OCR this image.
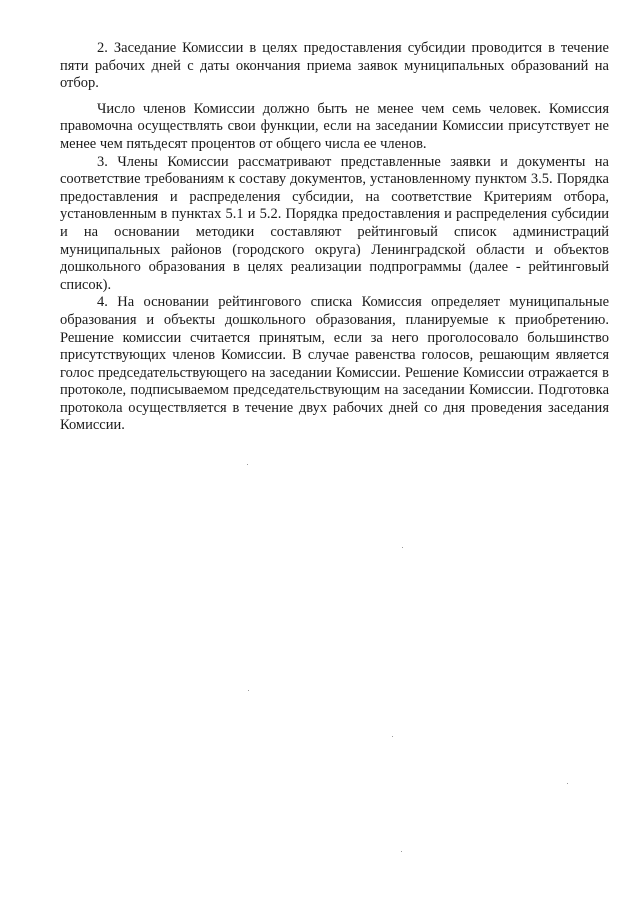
2. Заседание Комиссии в целях предоставления субсидии проводится в течение пяти рабочих дней с даты окончания приема заявок муниципальных образований на отбор.

Число членов Комиссии должно быть не менее чем семь человек. Комиссия правомочна осуществлять свои функции, если на заседании Комиссии присутствует не менее чем пятьдесят процентов от общего числа ее членов.

3. Члены Комиссии рассматривают представленные заявки и документы на соответствие требованиям к составу документов, установленному пунктом 3.5. Порядка предоставления и распределения субсидии, на соответствие Критериям отбора, установленным в пунктах 5.1 и 5.2. Порядка предоставления и распределения субсидии и на основании методики составляют рейтинговый список администраций муниципальных районов (городского округа) Ленинградской области и объектов дошкольного образования в целях реализации подпрограммы (далее - рейтинговый список).

4. На основании рейтингового списка Комиссия определяет муниципальные образования и объекты дошкольного образования, планируемые к приобретению. Решение комиссии считается принятым, если за него проголосовало большинство присутствующих членов Комиссии. В случае равенства голосов, решающим является голос председательствующего на заседании Комиссии. Решение Комиссии отражается в протоколе, подписываемом председательствующим на заседании Комиссии. Подготовка протокола осуществляется в течение двух рабочих дней со дня проведения заседания Комиссии.
